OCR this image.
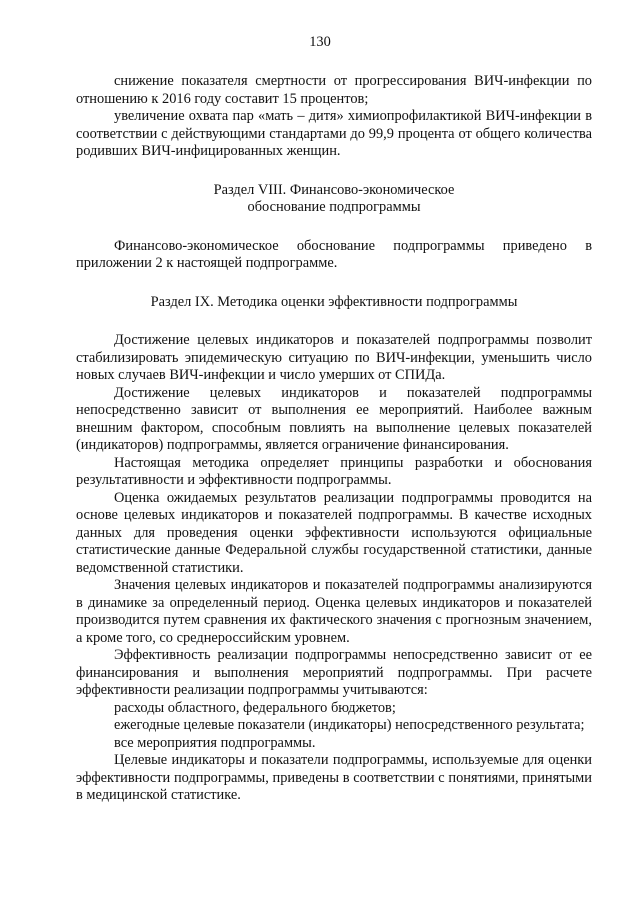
130

снижение показателя смертности от прогрессирования ВИЧ-инфекции по отношению к 2016 году составит 15 процентов;

увеличение охвата пар «мать – дитя» химиопрофилактикой ВИЧ-инфекции в соответствии с действующими стандартами до 99,9 процента от общего количества родивших ВИЧ-инфицированных женщин.

Раздел VIII. Финансово-экономическое
обоснование подпрограммы

Финансово-экономическое обоснование подпрограммы приведено в приложении 2 к настоящей подпрограмме.

Раздел IX. Методика оценки эффективности подпрограммы

Достижение целевых индикаторов и показателей подпрограммы позволит стабилизировать эпидемическую ситуацию по ВИЧ-инфекции, уменьшить число новых случаев ВИЧ-инфекции и число умерших от СПИДа.

Достижение целевых индикаторов и показателей подпрограммы непосредственно зависит от выполнения ее мероприятий. Наиболее важным внешним фактором, способным повлиять на выполнение целевых показателей (индикаторов) подпрограммы, является ограничение финансирования.

Настоящая методика определяет принципы разработки и обоснования результативности и эффективности подпрограммы.

Оценка ожидаемых результатов реализации подпрограммы проводится на основе целевых индикаторов и показателей подпрограммы. В качестве исходных данных для проведения оценки эффективности используются официальные статистические данные Федеральной службы государственной статистики, данные ведомственной статистики.

Значения целевых индикаторов и показателей подпрограммы анализируются в динамике за определенный период. Оценка целевых индикаторов и показателей производится путем сравнения их фактического значения с прогнозным значением, а кроме того, со среднероссийским уровнем.

Эффективность реализации подпрограммы непосредственно зависит от ее финансирования и выполнения мероприятий подпрограммы. При расчете эффективности реализации подпрограммы учитываются:

расходы областного, федерального бюджетов;

ежегодные целевые показатели (индикаторы) непосредственного результата;

все мероприятия подпрограммы.

Целевые индикаторы и показатели подпрограммы, используемые для оценки эффективности подпрограммы, приведены в соответствии с понятиями, принятыми в медицинской статистике.
